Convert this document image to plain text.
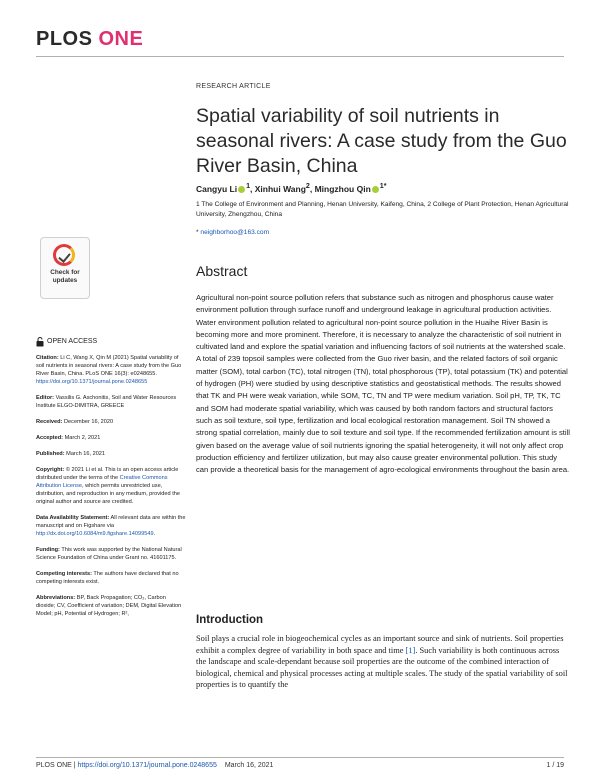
PLOS ONE
RESEARCH ARTICLE
Spatial variability of soil nutrients in seasonal rivers: A case study from the Guo River Basin, China
Cangyu Li $^1$, Xinhui Wang$^2$, Mingzhou Qin $^{1*}$
1 The College of Environment and Planning, Henan University, Kaifeng, China, 2 College of Plant Protection, Henan Agricultural University, Zhengzhou, China
* neighborhoo@163.com
Check for
updates
OPEN ACCESS
Citation: Li C, Wang X, Qin M (2021) Spatial variability of soil nutrients in seasonal rivers: A case study from the Guo River Basin, China. PLoS ONE 16(3): e0248655. https://doi.org/10.1371/journal.pone.0248655
Editor: Vassilis G. Aschonitis, Soil and Water Resources Institute ELGO-DIMITRA, GREECE
Received: December 16, 2020
Accepted: March 2, 2021
Published: March 16, 2021
Copyright: © 2021 Li et al. This is an open access article distributed under the terms of the Creative Commons Attribution License, which permits unrestricted use, distribution, and reproduction in any medium, provided the original author and source are credited.
Data Availability Statement: All relevant data are within the manuscript and on Figshare via http://dx.doi.org/10.6084/m9.figshare.14099549.
Funding: This work was supported by the National Natural Science Foundation of China under Grant no. 41601175.
Competing interests: The authors have declared that no competing interests exist.
Abbreviations: BP, Back Propagation; CO₂, Carbon dioxide; CV, Coefficient of variation; DEM, Digital Elevation Model; pH, Potential of Hydrogen; R²,
Abstract

Agricultural non-point source pollution refers that substance such as nitrogen and phosphorus cause water environment pollution through surface runoff and underground leakage in agricultural production activities. Water environment pollution related to agricultural non-point source pollution in the Huaihe River Basin is becoming more and more prominent. Therefore, it is necessary to analyze the characteristic of soil nutrient in cultivated land and explore the spatial variation and influencing factors of soil nutrients at the watershed scale. A total of 239 topsoil samples were collected from the Guo river basin, and the related factors of soil organic matter (SOM), total carbon (TC), total nitrogen (TN), total phosphorous (TP), total potassium (TK) and potential of hydrogen (PH) were studied by using descriptive statistics and geostatistical methods. The results showed that TK and PH were weak variation, while SOM, TC, TN and TP were medium variation. Soil pH, TP, TK, TC and SOM had moderate spatial variability, which was caused by both random factors and structural factors such as soil texture, soil type, fertilization and local ecological restoration management. Soil TN showed a strong spatial correlation, mainly due to soil texture and soil type. If the recommended fertilization amount is still given based on the average value of soil nutrients ignoring the spatial heterogeneity, it will not only affect crop production efficiency and fertilizer utilization, but may also cause greater environmental pollution. This study can provide a theoretical basis for the management of agro-ecological environments throughout the basin area.

Introduction

Soil plays a crucial role in biogeochemical cycles as an important source and sink of nutrients. Soil properties exhibit a complex degree of variability in both space and time [1]. Such variability is both continuous across the landscape and scale-dependant because soil properties are the outcome of the combined interaction of biological, chemical and physical processes acting at multiple scales. The study of the spatial variability of soil properties is to quantify the

PLOS ONE | https://doi.org/10.1371/journal.pone.0248655 March 16, 2021	1 / 19
